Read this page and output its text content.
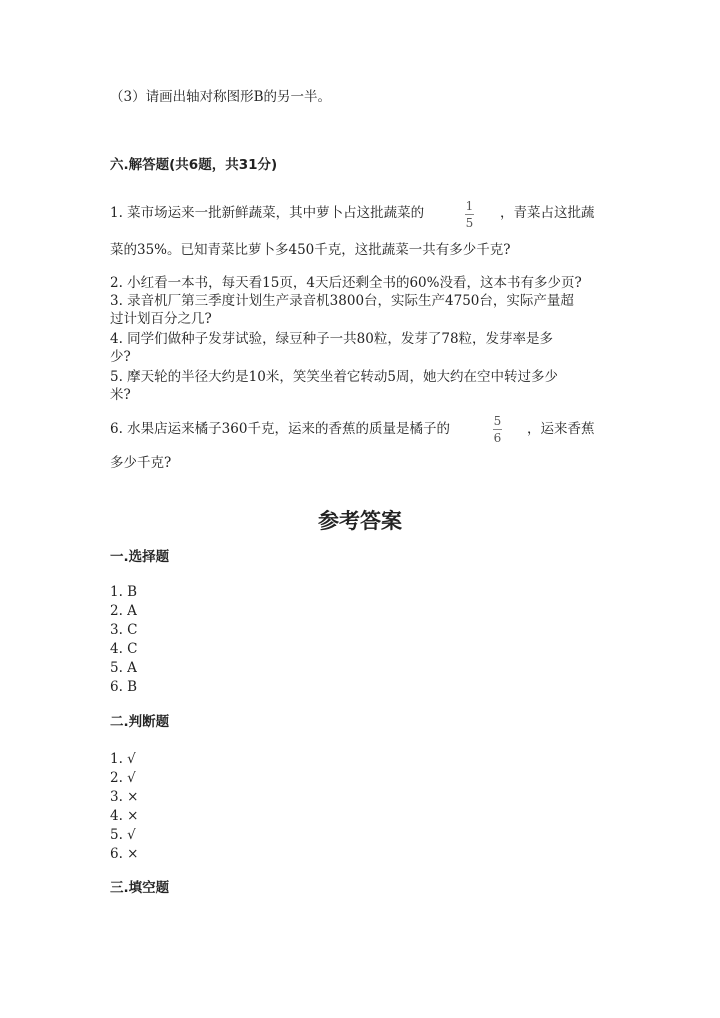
（3）请画出轴对称图形B的另一半。
六.解答题(共6题，共31分)
1. 菜市场运来一批新鲜蔬菜，其中萝卜占这批蔬菜的	1
5
，青菜占这批蔬
菜的35%。已知青菜比萝卜多450千克，这批蔬菜一共有多少千克?
2. 小红看一本书，每天看15页，4天后还剩全书的60%没看，这本书有多少页?
3. 录音机厂第三季度计划生产录音机3800台，实际生产4750台，实际产量超
过计划百分之几?
4. 同学们做种子发芽试验，绿豆种子一共80粒，发芽了78粒，发芽率是多
少?
5. 摩天轮的半径大约是10米，笑笑坐着它转动5周，她大约在空中转过多少
米?
6. 水果店运来橘子360千克，运来的香蕉的质量是橘子的	5
6
，运来香蕉
多少千克?
参考答案
一.选择题
1. B
2. A
3. C
4. C
5. A
6. B
二.判断题
1. √
2. √
3. ×
4. ×
5. √
6. ×
三.填空题
